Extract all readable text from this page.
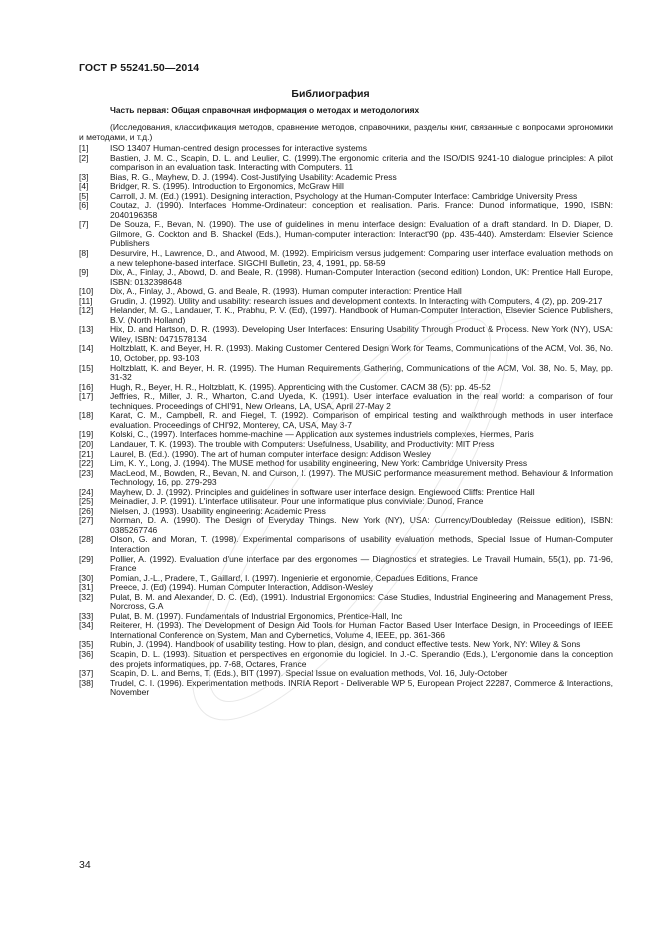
ГОСТ Р 55241.50—2014
Библиография
Часть первая: Общая справочная информация о методах и методологиях
(Исследования, классификация методов, сравнение методов, справочники, разделы книг, связанные с вопросами эргономики и методами, и т.д.)
[1]	ISO 13407 Human-centred design processes for interactive systems
[2]	Bastien, J. M. C., Scapin, D. L. and Leulier, C. (1999).The ergonomic criteria and the ISO/DIS 9241-10 dialogue principles: A pilot comparison in an evaluation task. Interacting with Computers. 11
[3]	Bias, R. G., Mayhew, D. J. (1994). Cost-Justifying Usability: Academic Press
[4]	Bridger, R. S. (1995). Introduction to Ergonomics, McGraw Hill
[5]	Carroll, J. M. (Ed.) (1991). Designing interaction, Psychology at the Human-Computer Interface: Cambridge University Press
[6]	Coutaz, J. (1990). Interfaces Homme-Ordinateur: conception et realisation. Paris. France: Dunod informatique, 1990, ISBN: 2040196358
[7]	De Souza, F., Bevan, N. (1990). The use of guidelines in menu interface design: Evaluation of a draft standard. In D. Diaper, D. Gilmore, G. Cockton and B. Shackel (Eds.), Human-computer interaction: Interact'90 (pp. 435-440). Amsterdam: Elsevier Science Publishers
[8]	Desurvire, H., Lawrence, D., and Atwood, M. (1992). Empiricism versus judgement: Comparing user interface evaluation methods on a new telephone-based interface. SIGCHI Bulletin, 23, 4, 1991, pp. 58-59
[9]	Dix, A., Finlay, J., Abowd, D. and Beale, R. (1998). Human-Computer Interaction (second edition) London, UK: Prentice Hall Europe, ISBN: 0132398648
[10]	Dix, A., Finlay, J., Abowd, G. and Beale, R. (1993). Human computer interaction: Prentice Hall
[11]	Grudin, J. (1992). Utility and usability: research issues and development contexts. In Interacting with Computers, 4 (2), pp. 209-217
[12]	Helander, M. G., Landauer, T. K., Prabhu, P. V. (Ed), (1997). Handbook of Human-Computer Interaction, Elsevier Science Publishers, B.V. (North Holland)
[13]	Hix, D. and Hartson, D. R. (1993). Developing User Interfaces: Ensuring Usability Through Product & Process. New York (NY), USA: Wiley, ISBN: 0471578134
[14]	Holtzblatt, K. and Beyer, H. R. (1993). Making Customer Centered Design Work for Teams, Communications of the ACM, Vol. 36, No. 10, October, pp. 93-103
[15]	Holtzblatt, K. and Beyer, H. R. (1995). The Human Requirements Gathering, Communications of the ACM, Vol. 38, No. 5, May, pp. 31-32
[16]	Hugh, R., Beyer, H. R., Holtzblatt, K. (1995). Apprenticing with the Customer. CACM 38 (5): pp. 45-52
[17]	Jeffries, R., Miller, J. R., Wharton, C.and Uyeda, K. (1991). User interface evaluation in the real world: a comparison of four techniques. Proceedings of CHI'91, New Orleans, LA, USA, April 27-May 2
[18]	Karat, C. M., Campbell, R. and Fiegel, T. (1992). Comparison of empirical testing and walkthrough methods in user interface evaluation. Proceedings of CHI'92, Monterey, CA, USA, May 3-7
[19]	Kolski, C., (1997). Interfaces homme-machine — Application aux systemes industriels complexes, Hermes, Paris
[20]	Landauer, T. K. (1993). The trouble with Computers: Usefulness, Usability, and Productivity: MIT Press
[21]	Laurel, B. (Ed.). (1990). The art of human computer interface design: Addison Wesley
[22]	Lim, K. Y., Long, J. (1994). The MUSE method for usability engineering, New York: Cambridge University Press
[23]	MacLeod, M., Bowden, R., Bevan, N. and Curson, I. (1997). The MUSiC performance measurement method. Behaviour & Information Technology, 16, pp. 279-293
[24]	Mayhew, D. J. (1992). Principles and guidelines in software user interface design. Englewood Cliffs: Prentice Hall
[25]	Meinadier, J. P. (1991). L'interface utilisateur. Pour une informatique plus conviviale: Dunod, France
[26]	Nielsen, J. (1993). Usability engineering: Academic Press
[27]	Norman, D. A. (1990). The Design of Everyday Things. New York (NY), USA: Currency/Doubleday (Reissue edition), ISBN: 0385267746
[28]	Olson, G. and Moran, T. (1998). Experimental comparisons of usability evaluation methods, Special Issue of Human-Computer Interaction
[29]	Pollier, A. (1992). Evaluation d'une interface par des ergonomes — Diagnostics et strategies. Le Travail Humain, 55(1), pp. 71-96, France
[30]	Pomian, J.-L., Pradere, T., Gaillard, I. (1997). Ingenierie et ergonomie, Cepadues Editions, France
[31]	Preece, J. (Ed) (1994). Human Computer Interaction, Addison-Wesley
[32]	Pulat, B. M. and Alexander, D. C. (Ed), (1991). Industrial Ergonomics: Case Studies, Industrial Engineering and Management Press, Norcross, G.A
[33]	Pulat, B. M. (1997). Fundamentals of Industrial Ergonomics, Prentice-Hall, Inc
[34]	Reiterer, H. (1993). The Development of Design Aid Tools for Human Factor Based User Interface Design, in Proceedings of IEEE International Conference on System, Man and Cybernetics, Volume 4, IEEE, pp. 361-366
[35]	Rubin, J. (1994). Handbook of usability testing. How to plan, design, and conduct effective tests. New York, NY: Wiley & Sons
[36]	Scapin, D. L. (1993). Situation et perspectives en ergonomie du logiciel. In J.-C. Sperandio (Eds.), L'ergonomie dans la conception des projets informatiques, pp. 7-68, Octares, France
[37]	Scapin, D. L. and Berns, T. (Eds.), BIT (1997). Special Issue on evaluation methods, Vol. 16, July-October
[38]	Trudel, C. I. (1996). Experimentation methods. INRIA Report - Deliverable WP 5, European Project 22287, Commerce & Interactions, November
34
